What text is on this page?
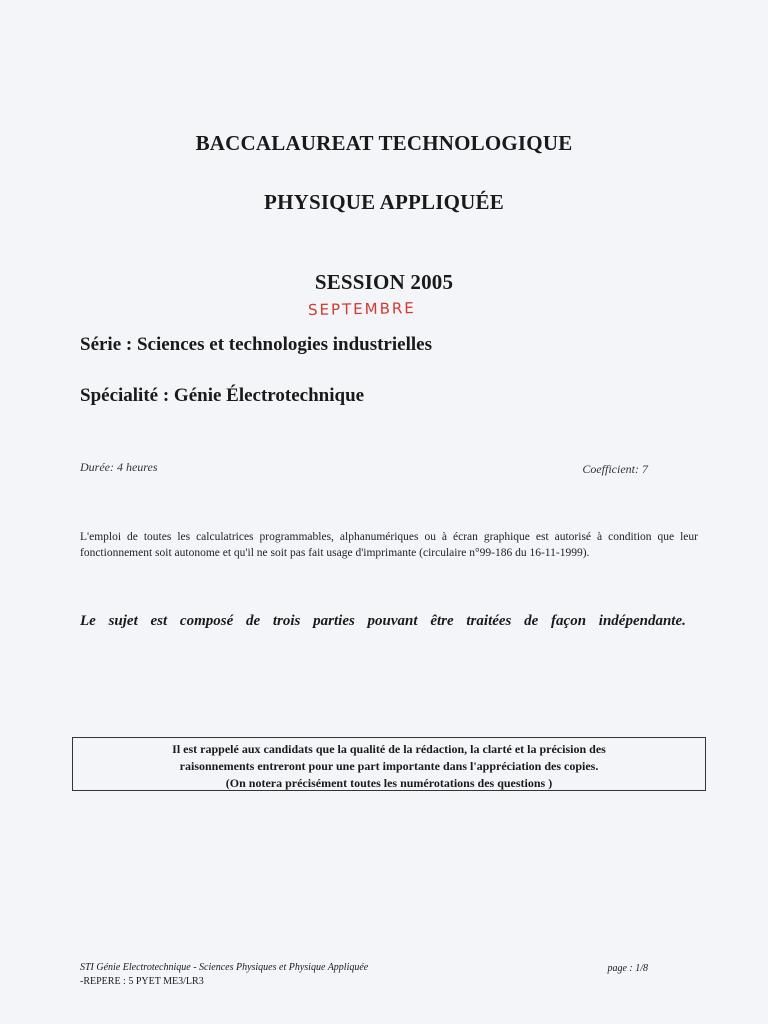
BACCALAUREAT TECHNOLOGIQUE
PHYSIQUE APPLIQUÉE
SESSION 2005
SEPTEMBRE
Série : Sciences et technologies industrielles
Spécialité : Génie Électrotechnique
Durée: 4 heures	Coefficient: 7
L'emploi de toutes les calculatrices programmables, alphanumériques ou à écran graphique est autorisé à condition que leur fonctionnement soit autonome et qu'il ne soit pas fait usage d'imprimante (circulaire n°99-186 du 16-11-1999).
Le sujet est composé de trois parties pouvant être traitées de façon indépendante.
Il est rappelé aux candidats que la qualité de la rédaction, la clarté et la précision des
raisonnements entreront pour une part importante dans l'appréciation des copies.
(On notera précisément toutes les numérotations des questions )
STI Génie Electrotechnique - Sciences Physiques et Physique Appliquée
-REPERE : 5 PYET ME3/LR3
page : 1/8
